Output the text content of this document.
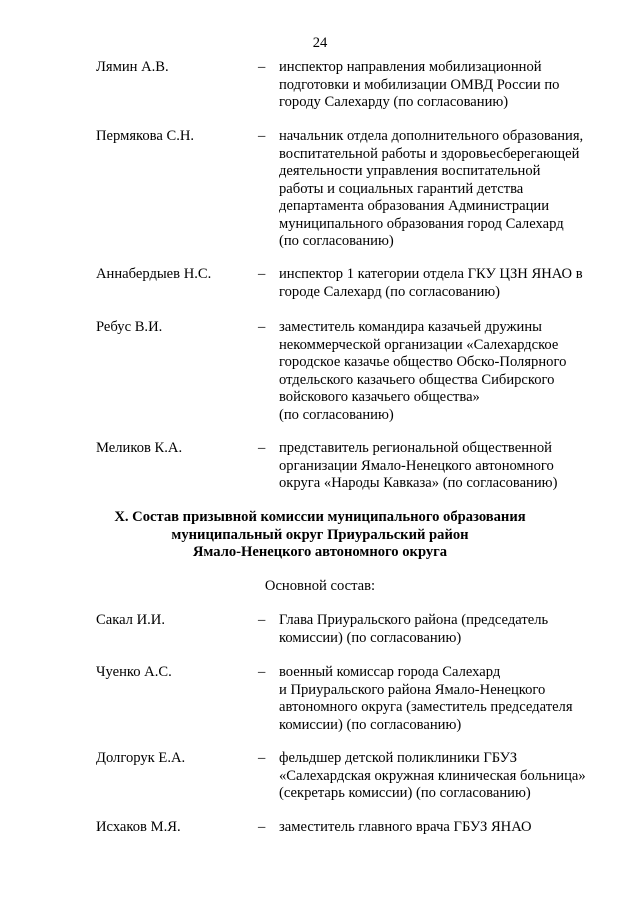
24
Лямин А.В.	– инспектор направления мобилизационной
подготовки и мобилизации ОМВД России по
городу Салехарду (по согласованию)
Пермякова С.Н.	– начальник отдела дополнительного образования,
воспитательной работы и здоровьесберегающей
деятельности управления воспитательной
работы и социальных гарантий детства
департамента образования Администрации
муниципального образования город Салехард
(по согласованию)
Аннабердыев Н.С.	– инспектор 1 категории отдела ГКУ ЦЗН ЯНАО в
городе Салехард (по согласованию)
Ребус В.И.	– заместитель командира казачьей дружины
некоммерческой организации «Салехардское
городское казачье общество Обско-Полярного
отдельского казачьего общества Сибирского
войскового казачьего общества»
(по согласованию)
Меликов К.А.	– представитель региональной общественной
организации Ямало-Ненецкого автономного
округа «Народы Кавказа» (по согласованию)
X. Состав призывной комиссии муниципального образования
муниципальный округ Приуральский район
Ямало-Ненецкого автономного округа
Основной состав:
Сакал И.И.	– Глава Приуральского района (председатель
комиссии) (по согласованию)
Чуенко А.С.	– военный комиссар города Салехард
и Приуральского района Ямало-Ненецкого
автономного округа (заместитель председателя
комиссии) (по согласованию)
Долгорук Е.А.	– фельдшер детской поликлиники ГБУЗ
«Салехардская окружная клиническая больница»
(секретарь комиссии) (по согласованию)
Исхаков М.Я.	– заместитель главного врача ГБУЗ ЯНАО
